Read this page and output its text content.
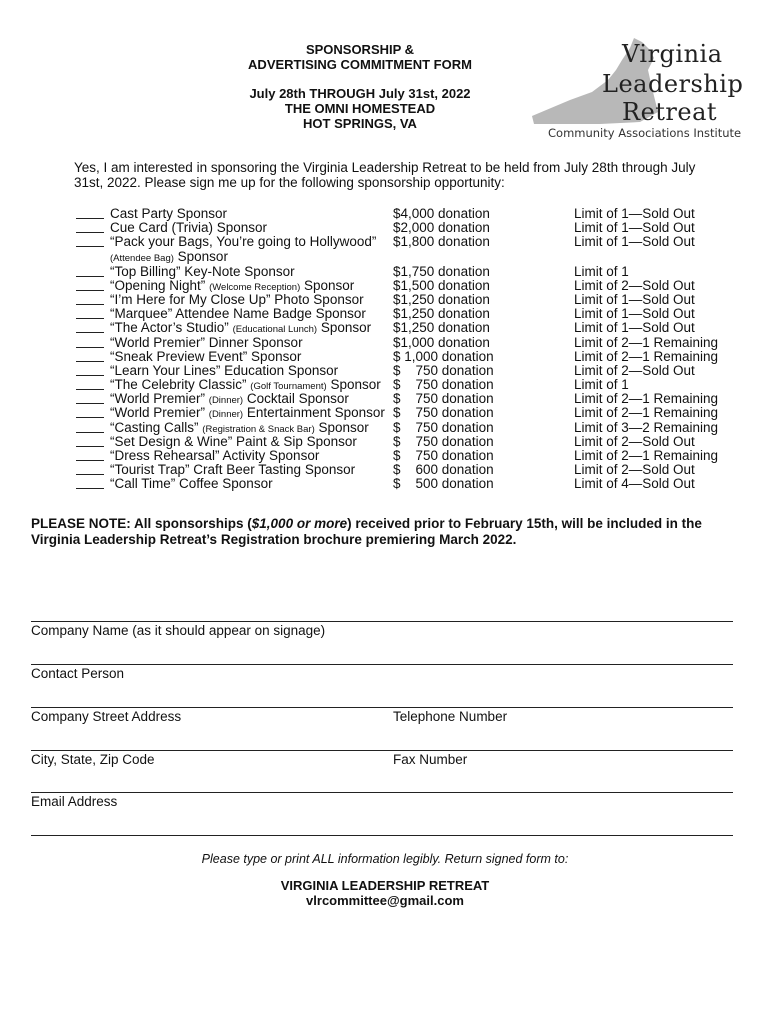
SPONSORSHIP &
ADVERTISING COMMITMENT FORM
July 28th THROUGH July 31st, 2022
THE OMNI HOMESTEAD
HOT SPRINGS, VA
Virginia
Leadership
Retreat
Community Associations Institute
Yes, I am interested in sponsoring the Virginia Leadership Retreat to be held from July 28th through July 31st, 2022. Please sign me up for the following sponsorship opportunity:
Cast Party Sponsor	$4,000 donation	Limit of 1—Sold Out
Cue Card (Trivia) Sponsor	$2,000 donation	Limit of 1—Sold Out
“Pack your Bags, You’re going to Hollywood” $1,800 donation	Limit of 1—Sold Out
(Attendee Bag) Sponsor
“Top Billing” Key-Note Sponsor	$1,750 donation	Limit of 1
“Opening Night” (Welcome Reception) Sponsor	$1,500 donation	Limit of 2—Sold Out
“I’m Here for My Close Up” Photo Sponsor $1,250 donation	Limit of 1—Sold Out
“Marquee” Attendee Name Badge Sponsor $1,250 donation	Limit of 1—Sold Out
“The Actor’s Studio” (Educational Lunch) Sponsor $1,250 donation	Limit of 1—Sold Out
“World Premier” Dinner Sponsor	$1,000 donation	Limit of 2—1 Remaining
“Sneak Preview Event” Sponsor	$ 1,000 donation	Limit of 2—1 Remaining
“Learn Your Lines” Education Sponsor	$    750 donation	Limit of 2—Sold Out
“The Celebrity Classic” (Golf Tournament) Sponsor $    750 donation	Limit of 1
“World Premier” (Dinner) Cocktail Sponsor	$    750 donation	Limit of 2—1 Remaining
“World Premier” (Dinner) Entertainment Sponsor $    750 donation	Limit of 2—1 Remaining
“Casting Calls” (Registration & Snack Bar) Sponsor $    750 donation	Limit of 3—2 Remaining
“Set Design & Wine” Paint & Sip Sponsor	$    750 donation	Limit of 2—Sold Out
“Dress Rehearsal” Activity Sponsor	$    750 donation	Limit of 2—1 Remaining
“Tourist Trap” Craft Beer Tasting Sponsor	$    600 donation	Limit of 2—Sold Out
“Call Time” Coffee Sponsor	$    500 donation	Limit of 4—Sold Out
PLEASE NOTE: All sponsorships ($1,000 or more) received prior to February 15th, will be included in the Virginia Leadership Retreat’s Registration brochure premiering March 2022.
Company Name (as it should appear on signage)
Contact Person
Company Street Address	Telephone Number
City, State, Zip Code	Fax Number
Email Address
Please type or print ALL information legibly. Return signed form to:
VIRGINIA LEADERSHIP RETREAT
vlrcommittee@gmail.com
